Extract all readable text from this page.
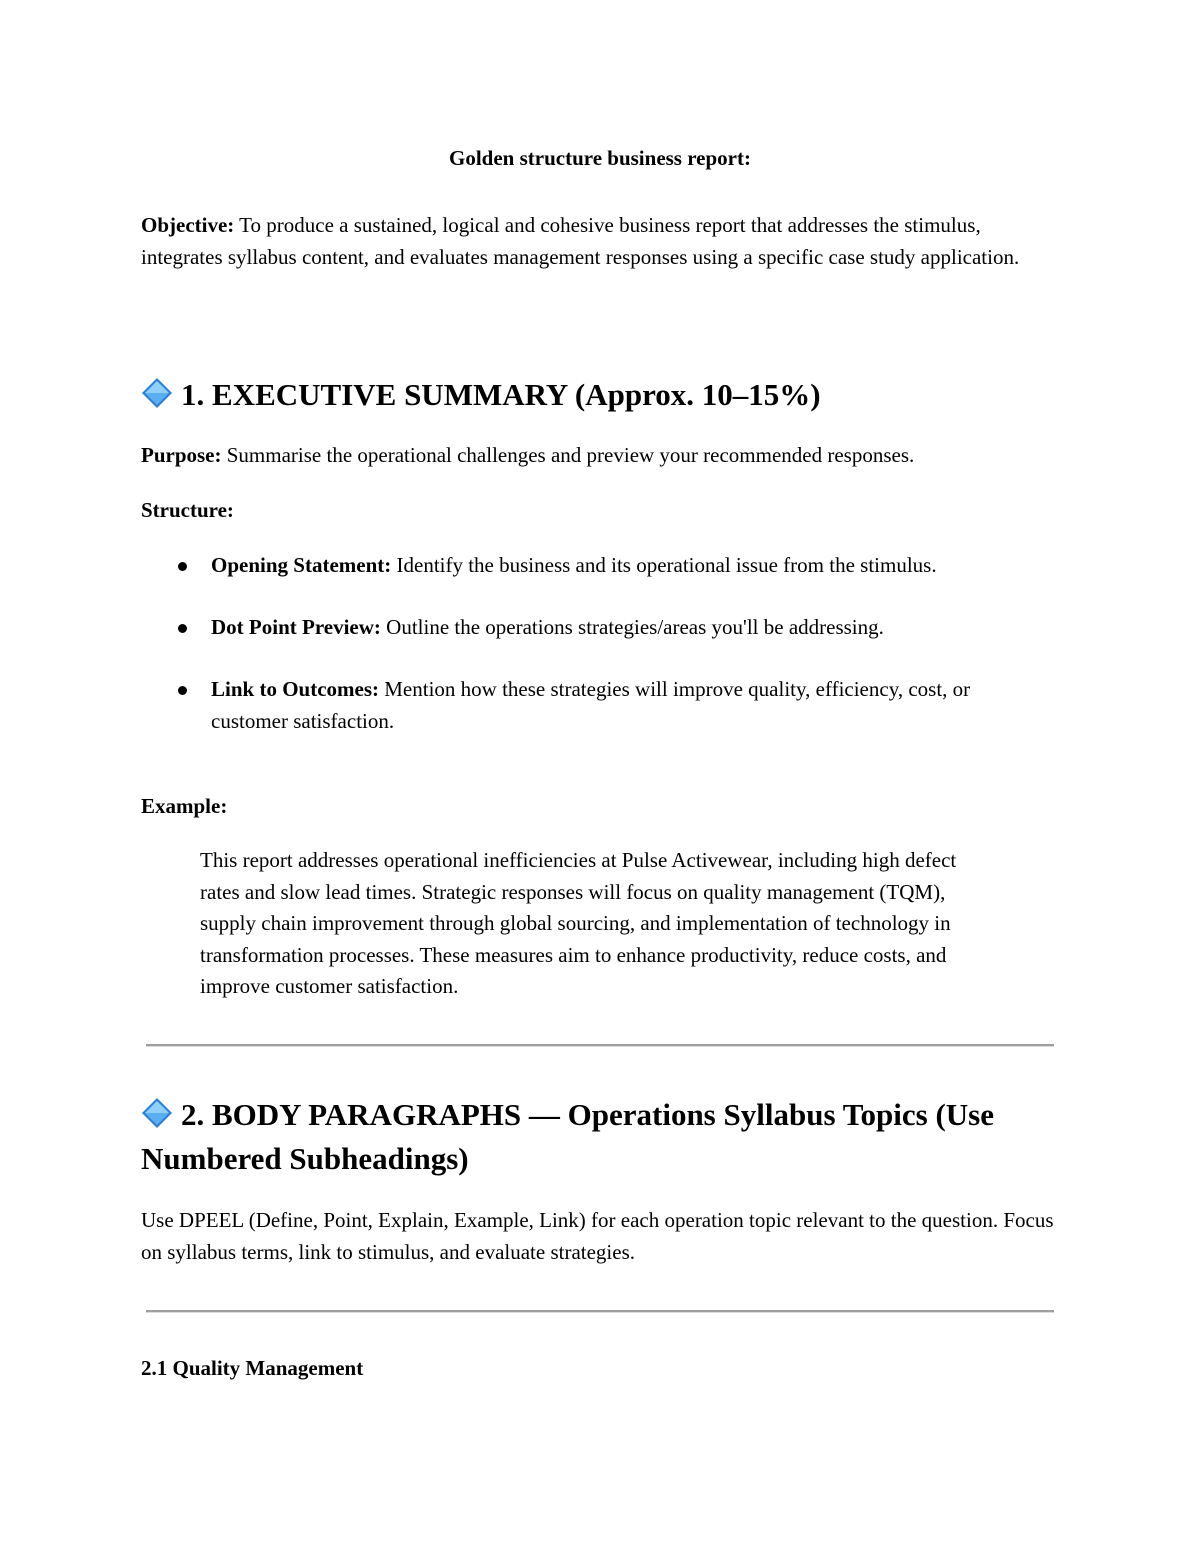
Golden structure business report:
Objective: To produce a sustained, logical and cohesive business report that addresses the stimulus, integrates syllabus content, and evaluates management responses using a specific case study application.
1. EXECUTIVE SUMMARY (Approx. 10–15%)
Purpose: Summarise the operational challenges and preview your recommended responses.
Structure:
Opening Statement: Identify the business and its operational issue from the stimulus.
Dot Point Preview: Outline the operations strategies/areas you'll be addressing.
Link to Outcomes: Mention how these strategies will improve quality, efficiency, cost, or customer satisfaction.
Example:
This report addresses operational inefficiencies at Pulse Activewear, including high defect rates and slow lead times. Strategic responses will focus on quality management (TQM), supply chain improvement through global sourcing, and implementation of technology in transformation processes. These measures aim to enhance productivity, reduce costs, and improve customer satisfaction.
2. BODY PARAGRAPHS — Operations Syllabus Topics (Use Numbered Subheadings)
Use DPEEL (Define, Point, Explain, Example, Link) for each operation topic relevant to the question. Focus on syllabus terms, link to stimulus, and evaluate strategies.
2.1 Quality Management
